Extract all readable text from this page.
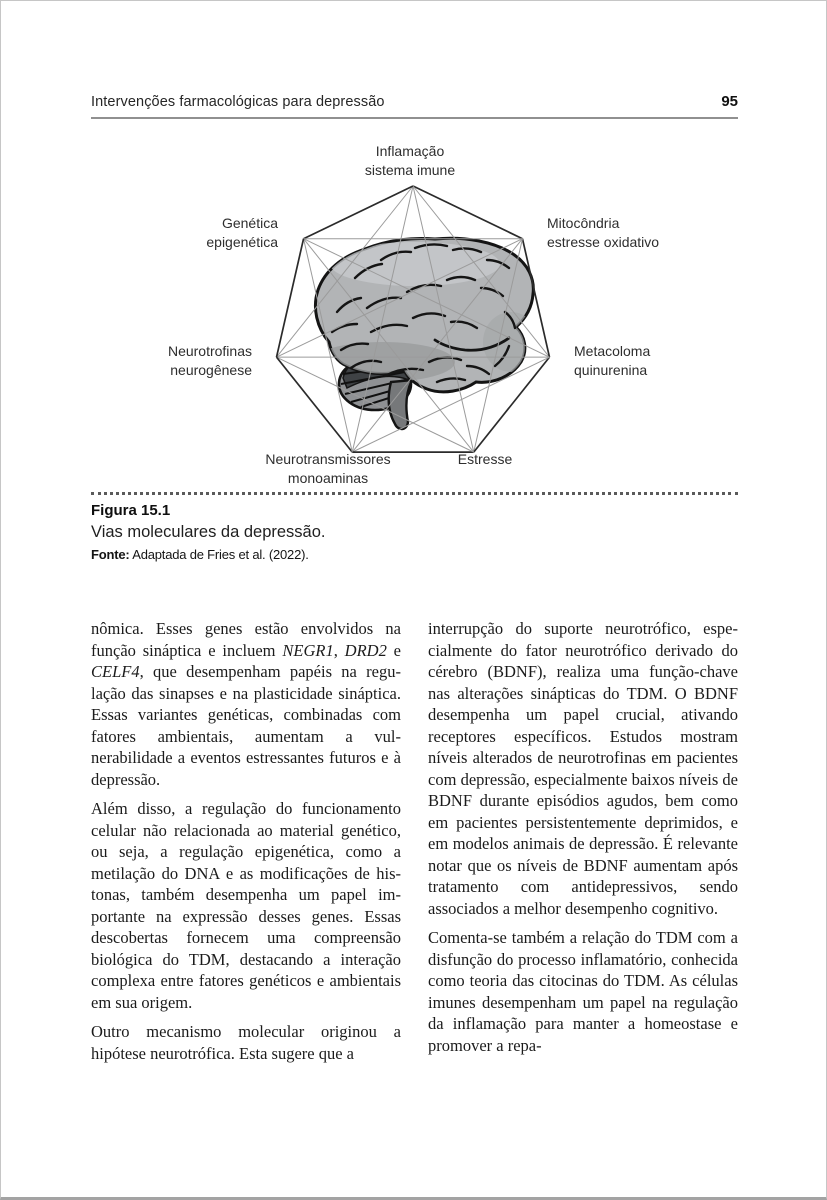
Intervenções farmacológicas para depressão	95
Inflamação
sistema imune
Genética
epigenética
Mitocôndria
estresse oxidativo
Neurotrofinas
neurogênese
Metacoloma
quinurenina
Neurotransmissores
monoaminas
Estresse
Figura 15.1
Vias moleculares da depressão.
Fonte: Adaptada de Fries et al. (2022).

nômica. Esses genes estão envolvidos na função sináptica e incluem NEGR1, DRD2 e CELF4, que desempenham papéis na regulação das sinapses e na plasticidade sináptica. Essas variantes genéticas, combinadas com fatores ambientais, aumentam a vulnerabilidade a eventos estressantes futuros e à depressão.

Além disso, a regulação do funcionamento celular não relacionada ao material genético, ou seja, a regulação epigenética, como a metilação do DNA e as modificações de histonas, também desempenha um papel importante na expressão desses genes. Essas descobertas fornecem uma compreensão biológica do TDM, destacando a interação complexa entre fatores genéticos e ambientais em sua origem.

Outro mecanismo molecular originou a hipótese neurotrófica. Esta sugere que a

interrupção do suporte neurotrófico, especialmente do fator neurotrófico derivado do cérebro (BDNF), realiza uma função-chave nas alterações sinápticas do TDM. O BDNF desempenha um papel crucial, ativando receptores específicos. Estudos mostram níveis alterados de neurotrofinas em pacientes com depressão, especialmente baixos níveis de BDNF durante episódios agudos, bem como em pacientes persistentemente deprimidos, e em modelos animais de depressão. É relevante notar que os níveis de BDNF aumentam após tratamento com antidepressivos, sendo associados a melhor desempenho cognitivo.

Comenta-se também a relação do TDM com a disfunção do processo inflamatório, conhecida como teoria das citocinas do TDM. As células imunes desempenham um papel na regulação da inflamação para manter a homeostase e promover a repa-
